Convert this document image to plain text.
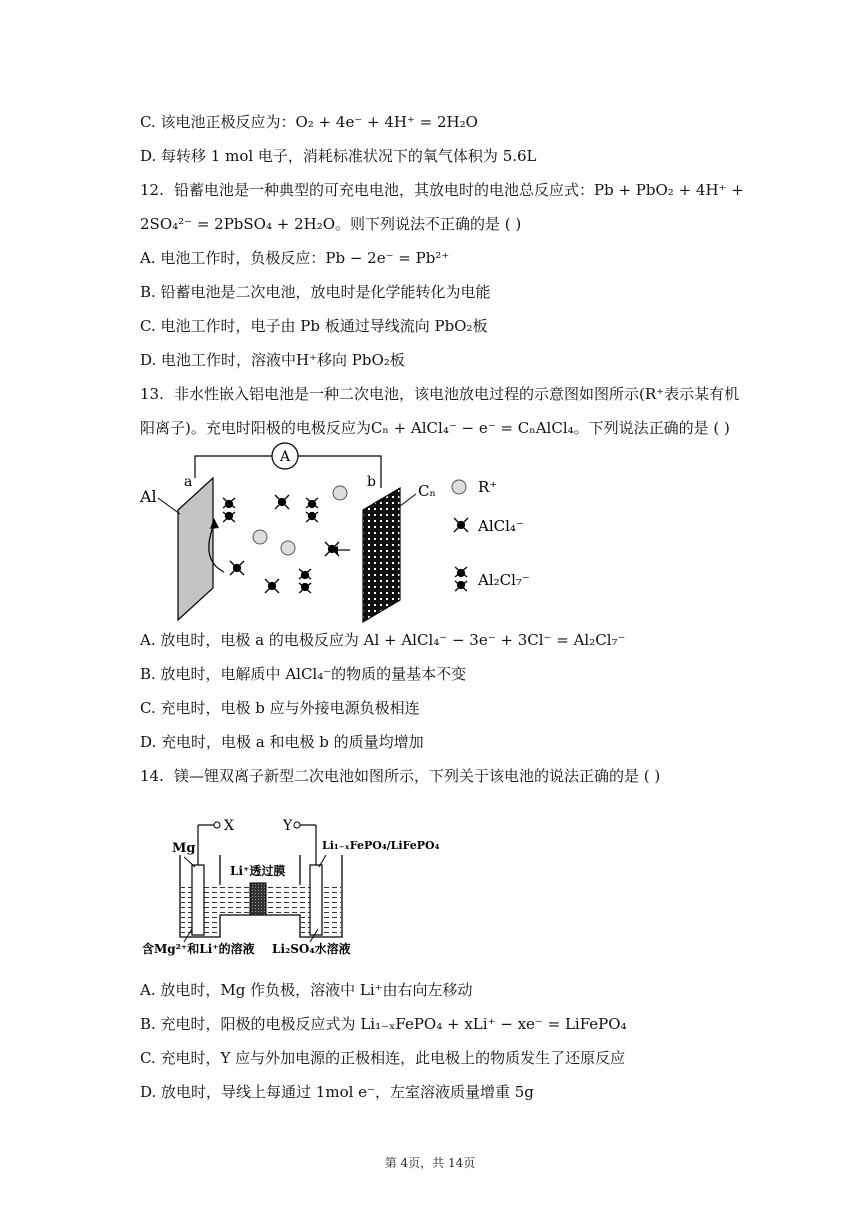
C. 该电池正极反应为：O₂ + 4e⁻ + 4H⁺ = 2H₂O
D. 每转移 1 mol 电子，消耗标准状况下的氧气体积为 5.6L
12. 铅蓄电池是一种典型的可充电电池，其放电时的电池总反应式：Pb + PbO₂ + 4H⁺ +
2SO₄²⁻ = 2PbSO₄ + 2H₂O。则下列说法不正确的是 ( )
A. 电池工作时，负极反应：Pb − 2e⁻ = Pb²⁺
B. 铅蓄电池是二次电池，放电时是化学能转化为电能
C. 电池工作时，电子由 Pb 板通过导线流向 PbO₂板
D. 电池工作时，溶液中H⁺移向 PbO₂板
13. 非水性嵌入铝电池是一种二次电池，该电池放电过程的示意图如图所示(R⁺表示某有机
阳离子)。充电时阳极的电极反应为Cₙ + AlCl₄⁻ − e⁻ = CₙAlCl₄。下列说法正确的是 ( )
A
Al
a	b	Cₙ	R⁺
AlCl₄⁻
Al₂Cl₇⁻
A. 放电时，电极 a 的电极反应为 Al + AlCl₄⁻ − 3e⁻ + 3Cl⁻ = Al₂Cl₇⁻
B. 放电时，电解质中 AlCl₄⁻的物质的量基本不变
C. 充电时，电极 b 应与外接电源负极相连
D. 充电时，电极 a 和电极 b 的质量均增加
14. 镁—锂双离子新型二次电池如图所示，下列关于该电池的说法正确的是 ( )
X	Y
Mg	Li₁₋ₓFePO₄/LiFePO₄
Li⁺透过膜
含Mg²⁺和Li⁺的溶液 Li₂SO₄水溶液
A. 放电时，Mg 作负极，溶液中 Li⁺由右向左移动
B. 充电时，阳极的电极反应式为 Li₁₋ₓFePO₄ + xLi⁺ − xe⁻ = LiFePO₄
C. 充电时，Y 应与外加电源的正极相连，此电极上的物质发生了还原反应
D. 放电时，导线上每通过 1mol e⁻，左室溶液质量增重 5g
第 4页，共 14页
